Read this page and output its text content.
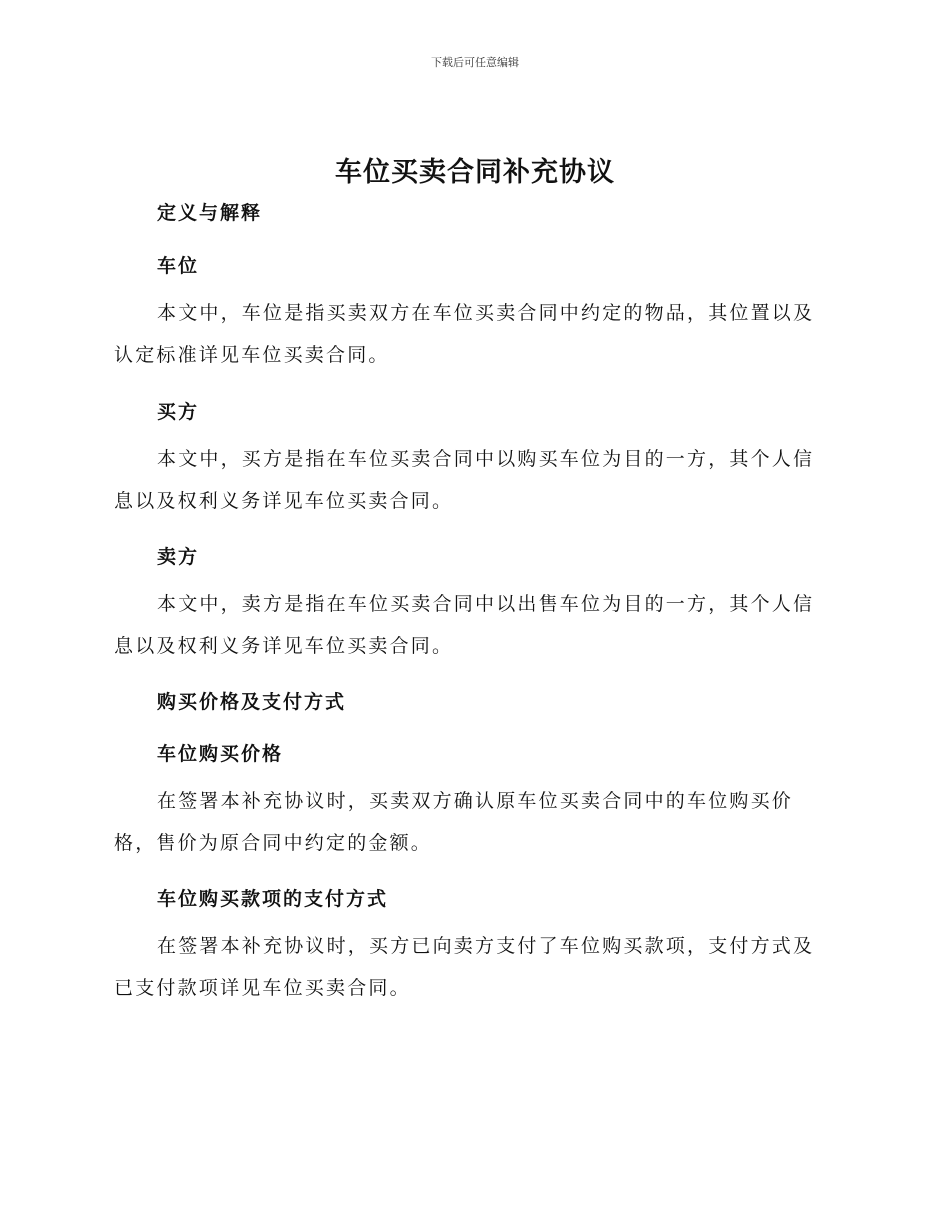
下载后可任意编辑
车位买卖合同补充协议
定义与解释
车位

本文中，车位是指买卖双方在车位买卖合同中约定的物品，其位置以及认定标准详见车位买卖合同。

买方

本文中，买方是指在车位买卖合同中以购买车位为目的一方，其个人信息以及权利义务详见车位买卖合同。

卖方

本文中，卖方是指在车位买卖合同中以出售车位为目的一方，其个人信息以及权利义务详见车位买卖合同。

购买价格及支付方式
车位购买价格

在签署本补充协议时，买卖双方确认原车位买卖合同中的车位购买价格，售价为原合同中约定的金额。

车位购买款项的支付方式

在签署本补充协议时，买方已向卖方支付了车位购买款项，支付方式及已支付款项详见车位买卖合同。
